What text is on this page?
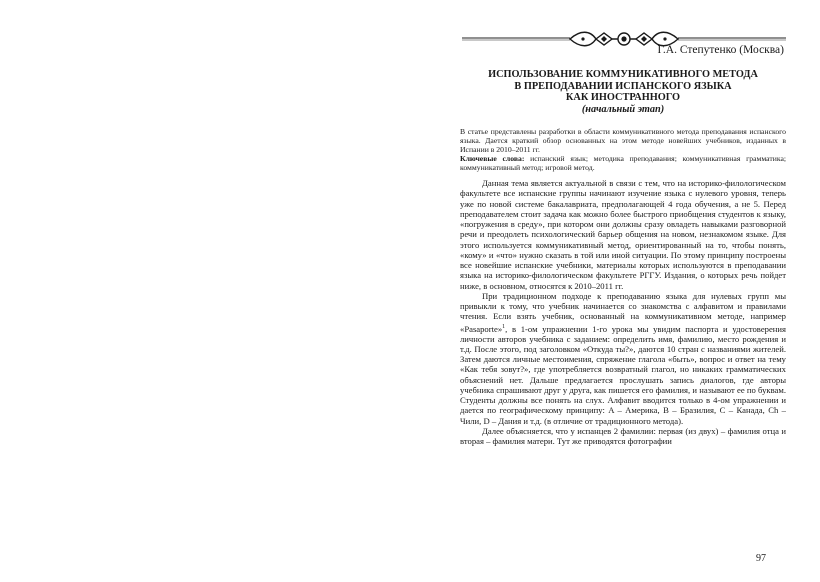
Г.А. Степутенко (Москва)
ИСПОЛЬЗОВАНИЕ КОММУНИКАТИВНОГО МЕТОДА
В ПРЕПОДАВАНИИ ИСПАНСКОГО ЯЗЫКА
КАК ИНОСТРАННОГО
(начальный этап)

В статье представлены разработки в области коммуникативного метода преподавания испанского языка. Дается краткий обзор основанных на этом методе новейших учебников, изданных в Испании в 2010–2011 гг.

Ключевые слова: испанский язык; методика преподавания; коммуникативная грамматика; коммуникативный метод; игровой метод.

Данная тема является актуальной в связи с тем, что на историко-филологическом факультете все испанские группы начинают изучение языка с нулевого уровня, теперь уже по новой системе бакалавриата, предполагающей 4 года обучения, а не 5. Перед преподавателем стоит задача как можно более быстрого приобщения студентов к языку, «погружения в среду», при котором они должны сразу овладеть навыками разговорной речи и преодолеть психологический барьер общения на новом, незнакомом языке. Для этого используется коммуникативный метод, ориентированный на то, чтобы понять, «кому» и «что» нужно сказать в той или иной ситуации. По этому принципу построены все новейшие испанские учебники, материалы которых используются в преподавании языка на историко-филологическом факультете РГГУ. Издания, о которых речь пойдет ниже, в основном, относятся к 2010–2011 гг.

При традиционном подходе к преподаванию языка для нулевых групп мы привыкли к тому, что учебник начинается со знакомства с алфавитом и правилами чтения. Если взять учебник, основанный на коммуникативном методе, например «Pasaporte»$^1$, в 1-ом упражнении 1-го урока мы увидим паспорта и удостоверения личности авторов учебника с заданием: определить имя, фамилию, место рождения и т.д. После этого, под заголовком «Откуда ты?», даются 10 стран с названиями жителей. Затем даются личные местоимения, спряжение глагола «быть», вопрос и ответ на тему «Как тебя зовут?», где употребляется возвратный глагол, но никаких грамматических объяснений нет. Дальше предлагается прослушать запись диалогов, где авторы учебника спрашивают друг у друга, как пишется его фамилия, и называют ее по буквам. Студенты должны все понять на слух. Алфавит вводится только в 4-ом упражнении и дается по географическому принципу: A – Америка, B – Бразилия, C – Канада, Ch – Чили, D – Дания и т.д. (в отличие от традиционного метода).

Далее объясняется, что у испанцев 2 фамилии: первая (из двух) – фамилия отца и вторая – фамилия матери. Тут же приводятся фотографии

97
